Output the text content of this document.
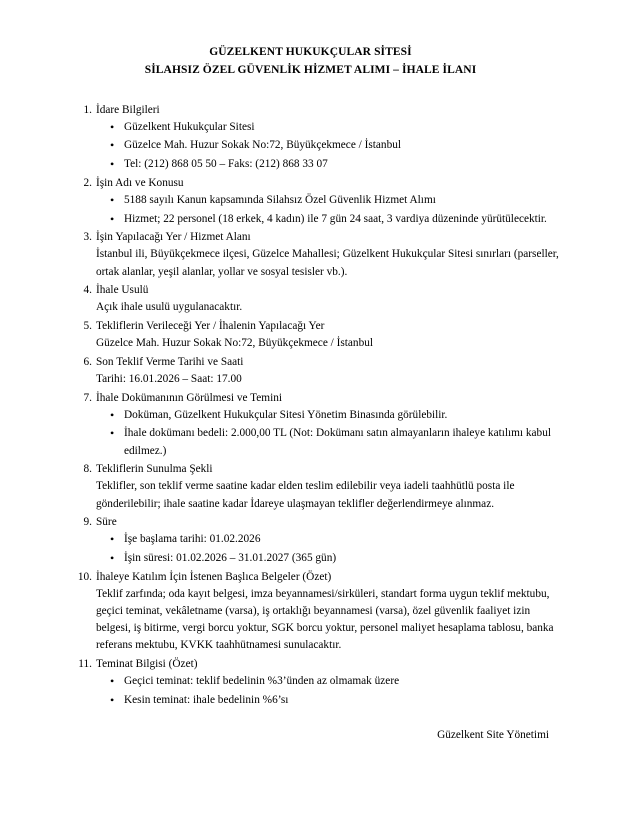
GÜZELKENT HUKUKÇULAR SİTESİ
SİLAHSIZ ÖZEL GÜVENLİK HİZMET ALIMI – İHALE İLANI
1. İdare Bilgileri
• Güzelkent Hukukçular Sitesi
• Güzelce Mah. Huzur Sokak No:72, Büyükçekmece / İstanbul
• Tel: (212) 868 05 50 – Faks: (212) 868 33 07
2. İşin Adı ve Konusu
• 5188 sayılı Kanun kapsamında Silahsız Özel Güvenlik Hizmet Alımı
• Hizmet; 22 personel (18 erkek, 4 kadın) ile 7 gün 24 saat, 3 vardiya düzeninde yürütülecektir.
3. İşin Yapılacağı Yer / Hizmet Alanı
İstanbul ili, Büyükçekmece ilçesi, Güzelce Mahallesi; Güzelkent Hukukçular Sitesi sınırları (parseller, ortak alanlar, yeşil alanlar, yollar ve sosyal tesisler vb.).
4. İhale Usulü
Açık ihale usulü uygulanacaktır.
5. Tekliflerin Verileceği Yer / İhalenin Yapılacağı Yer
Güzelce Mah. Huzur Sokak No:72, Büyükçekmece / İstanbul
6. Son Teklif Verme Tarihi ve Saati
Tarihi: 16.01.2026 – Saat: 17.00
7. İhale Dokümanının Görülmesi ve Temini
• Doküman, Güzelkent Hukukçular Sitesi Yönetim Binasında görülebilir.
• İhale dokümanı bedeli: 2.000,00 TL (Not: Dokümanı satın almayanların ihaleye katılımı kabul edilmez.)
8. Tekliflerin Sunulma Şekli
Teklifler, son teklif verme saatine kadar elden teslim edilebilir veya iadeli taahhütlü posta ile gönderilebilir; ihale saatine kadar İdareye ulaşmayan teklifler değerlendirmeye alınmaz.
9. Süre
• İşe başlama tarihi: 01.02.2026
• İşin süresi: 01.02.2026 – 31.01.2027 (365 gün)
10. İhaleye Katılım İçin İstenen Başlıca Belgeler (Özet)
Teklif zarfında; oda kayıt belgesi, imza beyannamesi/sirküleri, standart forma uygun teklif mektubu, geçici teminat, vekâletname (varsa), iş ortaklığı beyannamesi (varsa), özel güvenlik faaliyet izin belgesi, iş bitirme, vergi borcu yoktur, SGK borcu yoktur, personel maliyet hesaplama tablosu, banka referans mektubu, KVKK taahhütnamesi sunulacaktır.
11. Teminat Bilgisi (Özet)
• Geçici teminat: teklif bedelinin %3’ünden az olmamak üzere
• Kesin teminat: ihale bedelinin %6’sı
Güzelkent Site Yönetimi
